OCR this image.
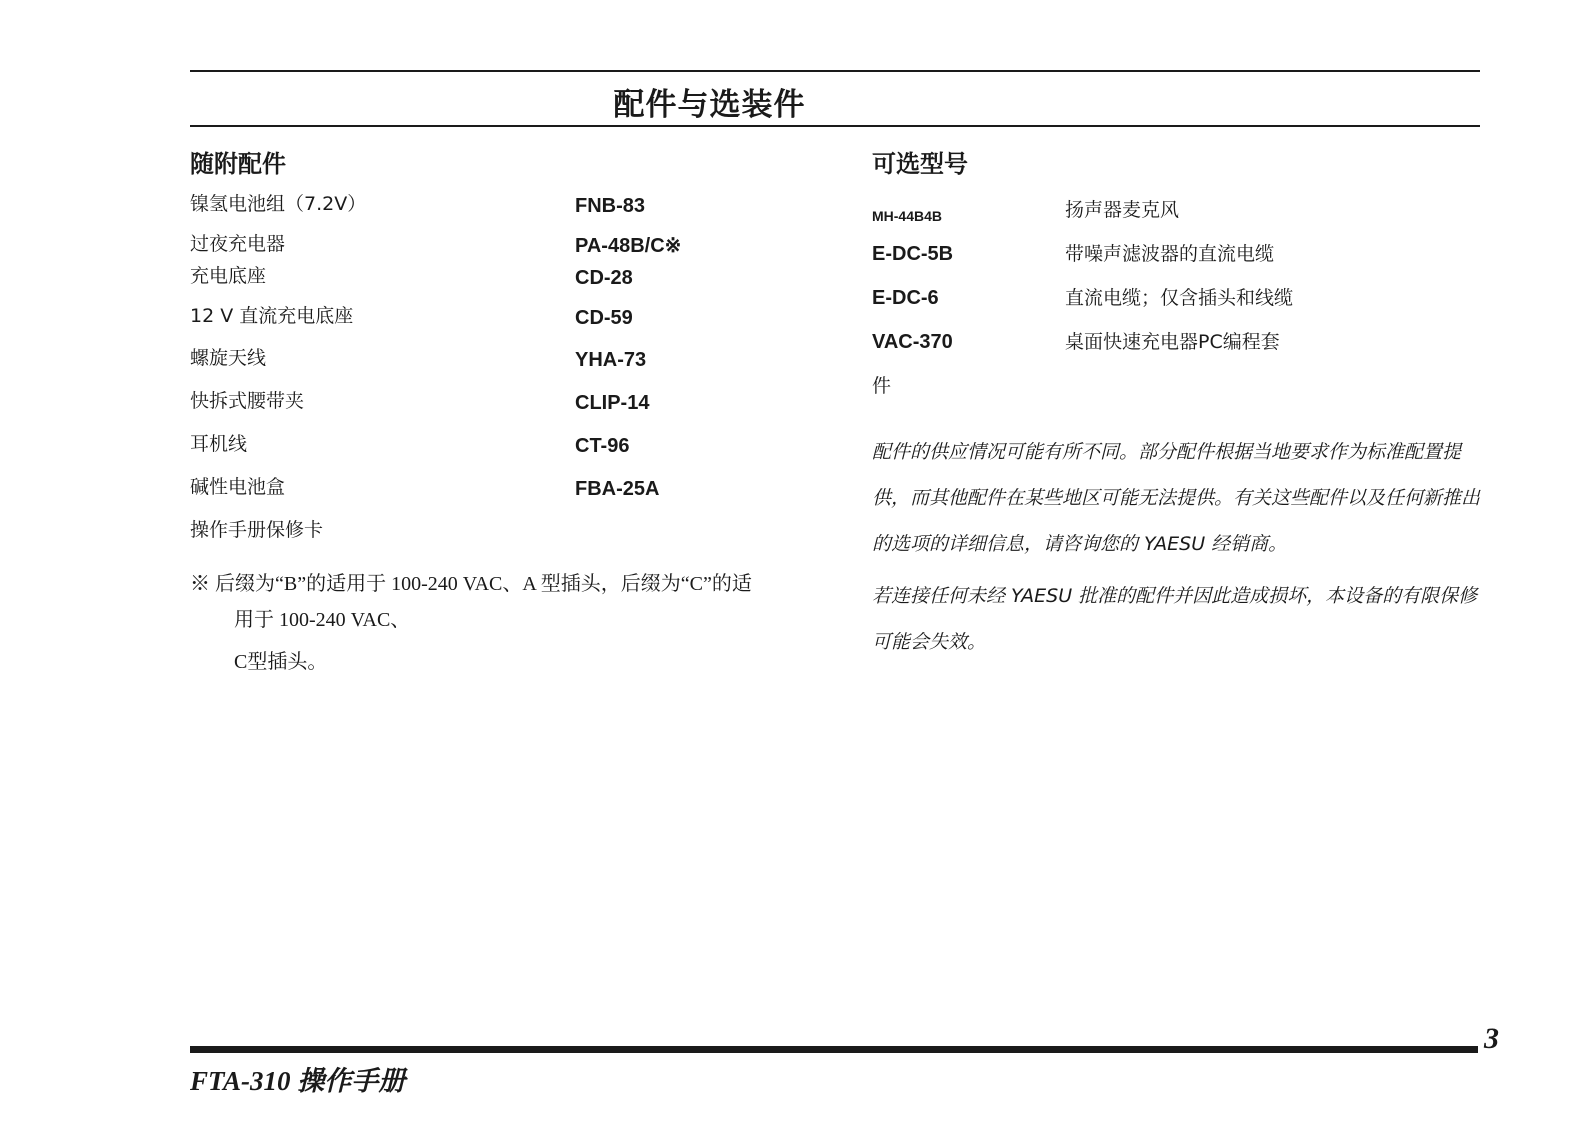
配件与选装件
随附配件
镍氢电池组（7.2V）	FNB-83
过夜充电器	PA-48B/C※
充电底座	CD-28
12 V 直流充电底座	CD-59
螺旋天线	YHA-73
快拆式腰带夹	CLIP-14
耳机线	CT-96
碱性电池盒	FBA-25A
操作手册保修卡
※ 后缀为“B”的适用于 100-240 VAC、A 型插头，后缀为“C”的适
用于 100-240 VAC、
C型插头。
可选型号
MH-44B4B	扬声器麦克风
E-DC-5B	带噪声滤波器的直流电缆
E-DC-6	直流电缆；仅含插头和线缆
VAC-370	桌面快速充电器PC编程套
件
配件的供应情况可能有所不同。部分配件根据当地要求作为标准配置提供，而其他配件在某些地区可能无法提供。有关这些配件以及任何新推出的选项的详细信息，请咨询您的 YAESU 经销商。
若连接任何未经 YAESU 批准的配件并因此造成损坏，本设备的有限保修可能会失效。
3
FTA-310 操作手册
